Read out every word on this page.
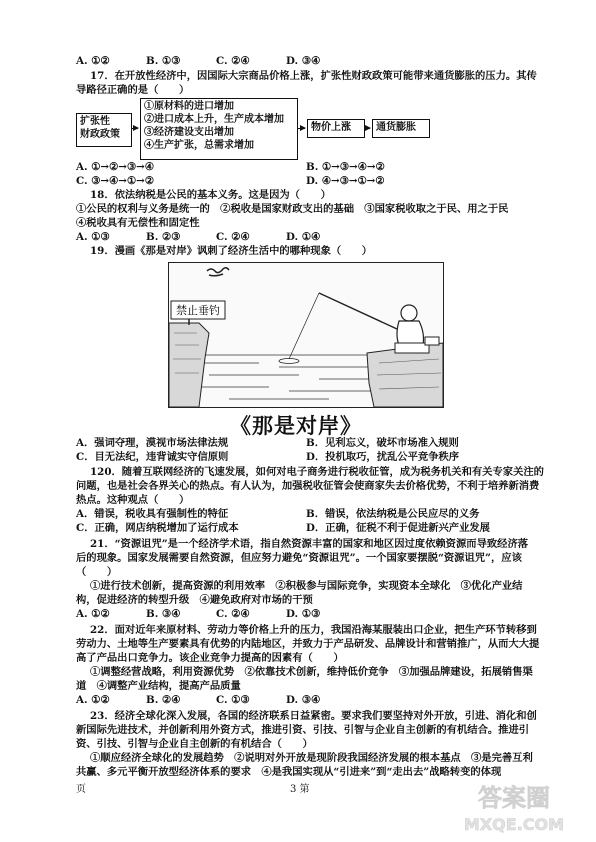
A. ①②	B. ①③	C. ②④	D. ③④
17．在开放性经济中，因国际大宗商品价格上涨，扩张性财政政策可能带来通货膨胀的压力。其传
导路径正确的是（　　）
扩张性
财政政策
①原材料的进口增加
②进口成本上升，生产成本增加
③经济建设支出增加
④生产扩张，总需求增加
物价上涨	通货膨胀
A. ①→②→③→④	B. ①→③→④→②
C. ③→④→①→②	D. ④→③→①→②
18．依法纳税是公民的基本义务。这是因为（　　）
①公民的权利与义务是统一的　②税收是国家财政支出的基础　③国家税收取之于民、用之于民
④税收具有无偿性和固定性
A. ①③	B. ②③	C. ②④	D. ①④
19．漫画《那是对岸》讽刺了经济生活中的哪种现象（　　）
禁止垂钓
《那是对岸》
A．强词夺理，漠视市场法律法规	B．见利忘义，破坏市场准入规则
C．目无法纪，违背诚实守信原则	D．投机取巧，扰乱公平竞争秩序
120．随着互联网经济的飞速发展，如何对电子商务进行税收征管，成为税务机关和有关专家关注的
问题，也是社会各界关心的热点。有人认为，加强税收征管会使商家失去价格优势，不利于培养新消费
热点。这种观点（　　）
A．错误，税收具有强制性的特征	B．错误，依法纳税是公民应尽的义务
C．正确，网店纳税增加了运行成本	D．正确，征税不利于促进新兴产业发展
21．“资源诅咒”是一个经济学术语，指自然资源丰富的国家和地区因过度依赖资源而导致经济落
后的现象。国家发展需要自然资源，但应努力避免“资源诅咒”。一个国家要摆脱“资源诅咒”，应该
（　　）
①进行技术创新，提高资源的利用效率　②积极参与国际竞争，实现资本全球化　③优化产业结
构，促进经济的转型升级　④避免政府对市场的干预
A. ①②	B. ③④	C. ②④	D. ①③
22．面对近年来原材料、劳动力等价格上升的压力，我国沿海某服装出口企业，把生产环节转移到
劳动力、土地等生产要素具有优势的内陆地区，并致力于产品研发、品牌设计和营销推广，从而大大提
高了产品出口竞争力。该企业竞争力提高的因素有（　　）
①调整经营战略，利用资源优势　②依靠技术创新，维持低价竞争　③加强品牌建设，拓展销售渠
道　④调整产业结构，提高产品质量
A. ①②	B. ②④	C. ①③	D. ③④
23．经济全球化深入发展，各国的经济联系日益紧密。要求我们要坚持对外开放，引进、消化和创
新国际先进技术，并创新利用外资方式，推进引资、引技、引智与企业自主创新的有机结合。推进引
资、引技、引智与企业自主创新的有机结合（　　）
①顺应经济全球化的发展趋势　②说明对外开放是现阶段我国经济发展的根本基点　③是完善互利
共赢、多元平衡开放型经济体系的要求　④是我国实现从“引进来”到“走出去”战略转变的体现
页	3 第	答案圈
MXQE.COM
